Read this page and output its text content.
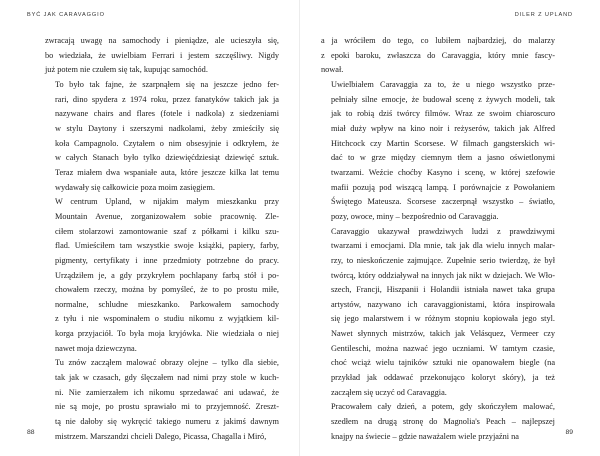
BYĆ JAK CARAVAGGIO

zwracają uwagę na samochody i pieniądze, ale ucieszyła się,
bo wiedziała, że uwielbiam Ferrari i jestem szczęśliwy. Nigdy
już potem nie czułem się tak, kupując samochód.

To było tak fajne, że szarpnąłem się na jeszcze jedno fer-
rari, dino spydera z 1974 roku, przez fanatyków takich jak ja
nazywane chairs and flares (fotele i nadkola) z siedzeniami
w stylu Daytony i szerszymi nadkolami, żeby zmieściły się
koła Campagnolo. Czytałem o nim obsesyjnie i odkryłem, że
w całych Stanach było tylko dziewięćdziesiąt dziewięć sztuk.
Teraz miałem dwa wspaniałe auta, które jeszcze kilka lat temu
wydawały się całkowicie poza moim zasięgiem.

W centrum Upland, w nijakim małym mieszkanku przy
Mountain Avenue, zorganizowałem sobie pracownię. Zle-
ciłem stolarzowi zamontowanie szaf z półkami i kilku szu-
flad. Umieściłem tam wszystkie swoje książki, papiery, farby,
pigmenty, certyfikaty i inne przedmioty potrzebne do pracy.
Urządziłem je, a gdy przykryłem pochlapany farbą stół i po-
chowałem rzeczy, można by pomyśleć, że to po prostu miłe,
normalne, schludne mieszkanko. Parkowałem samochody
z tyłu i nie wspominałem o studiu nikomu z wyjątkiem kil-
korga przyjaciół. To była moja kryjówka. Nie wiedziała o niej
nawet moja dziewczyna.

Tu znów zacząłem malować obrazy olejne – tylko dla siebie,
tak jak w czasach, gdy ślęczałem nad nimi przy stole w kuch-
ni. Nie zamierzałem ich nikomu sprzedawać ani udawać, że
nie są moje, po prostu sprawiało mi to przyjemność. Zreszt-
tą nie dałoby się wykręcić takiego numeru z jakimś dawnym
mistrzem. Marszandzi chcieli Dalego, Picassa, Chagalla i Miró,

88
DILER Z UPLAND

a ja wróciłem do tego, co lubiłem najbardziej, do malarzy
z epoki baroku, zwłaszcza do Caravaggia, który mnie fascy-
nował.

Uwielbiałem Caravaggia za to, że u niego wszystko prze-
pełniały silne emocje, że budował scenę z żywych modeli, tak
jak to robią dziś twórcy filmów. Wraz ze swoim chiaroscuro
miał duży wpływ na kino noir i reżyserów, takich jak Alfred
Hitchcock czy Martin Scorsese. W filmach gangsterskich wi-
dać to w grze między ciemnym tłem a jasno oświetlonymi
twarzami. Weźcie choćby Kasyno i scenę, w której szefowie
mafii pozują pod wiszącą lampą. I porównajcie z Powołaniem
Świętego Mateusza. Scorsese zaczerpnął wszystko – światło,
pozy, owoce, miny – bezpośrednio od Caravaggia.

Caravaggio ukazywał prawdziwych ludzi z prawdziwymi
twarzami i emocjami. Dla mnie, tak jak dla wielu innych malar-
rzy, to nieskończenie zajmujące. Zupełnie serio twierdzę, że był
twórcą, który oddziaływał na innych jak nikt w dziejach. We Wło-
szech, Francji, Hiszpanii i Holandii istniała nawet taka grupa
artystów, nazywano ich caravaggionistami, która inspirowała
się jego malarstwem i w różnym stopniu kopiowała jego styl.
Nawet słynnych mistrzów, takich jak Velásquez, Vermeer czy
Gentileschi, można nazwać jego uczniami. W tamtym czasie,
choć wciąż wielu tajników sztuki nie opanowałem biegle (na
przykład jak oddawać przekonująco koloryt skóry), ja też
zacząłem się uczyć od Caravaggia.

Pracowałem cały dzień, a potem, gdy skończyłem malować,
szedłem na drugą stronę do Magnolia's Peach – najlepszej
knajpy na świecie – gdzie naważalem wiele przyjaźni na	89
